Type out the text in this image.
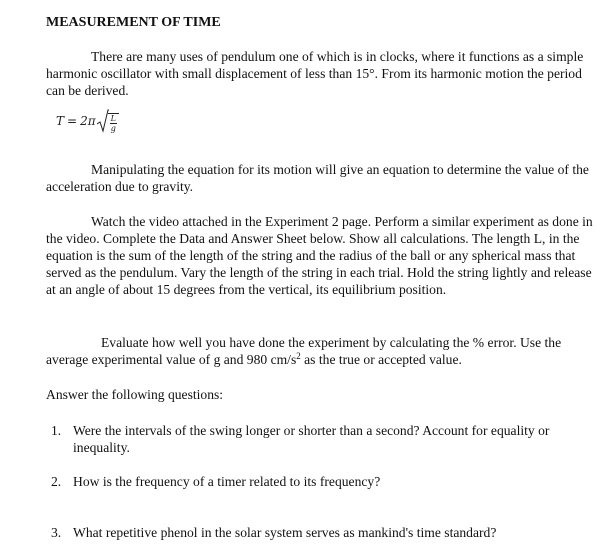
MEASUREMENT OF TIME

There are many uses of pendulum one of which is in clocks, where it functions as a simple harmonic oscillator with small displacement of less than 15°. From its harmonic motion the period can be derived.

$T = 2\pi \frac{L}{g}$

Manipulating the equation for its motion will give an equation to determine the value of the acceleration due to gravity.

Watch the video attached in the Experiment 2 page. Perform a similar experiment as done in the video. Complete the Data and Answer Sheet below. Show all calculations. The length L, in the equation is the sum of the length of the string and the radius of the ball or any spherical mass that served as the pendulum. Vary the length of the string in each trial. Hold the string lightly and release at an angle of about 15 degrees from the vertical, its equilibrium position.

Evaluate how well you have done the experiment by calculating the % error. Use the average experimental value of g and 980 $cm/s^2$ as the true or accepted value.

Answer the following questions:

1. Were the intervals of the swing longer or shorter than a second? Account for equality or inequality.
2. How is the frequency of a timer related to its frequency?
3. What repetitive phenol in the solar system serves as mankind's time standard?
